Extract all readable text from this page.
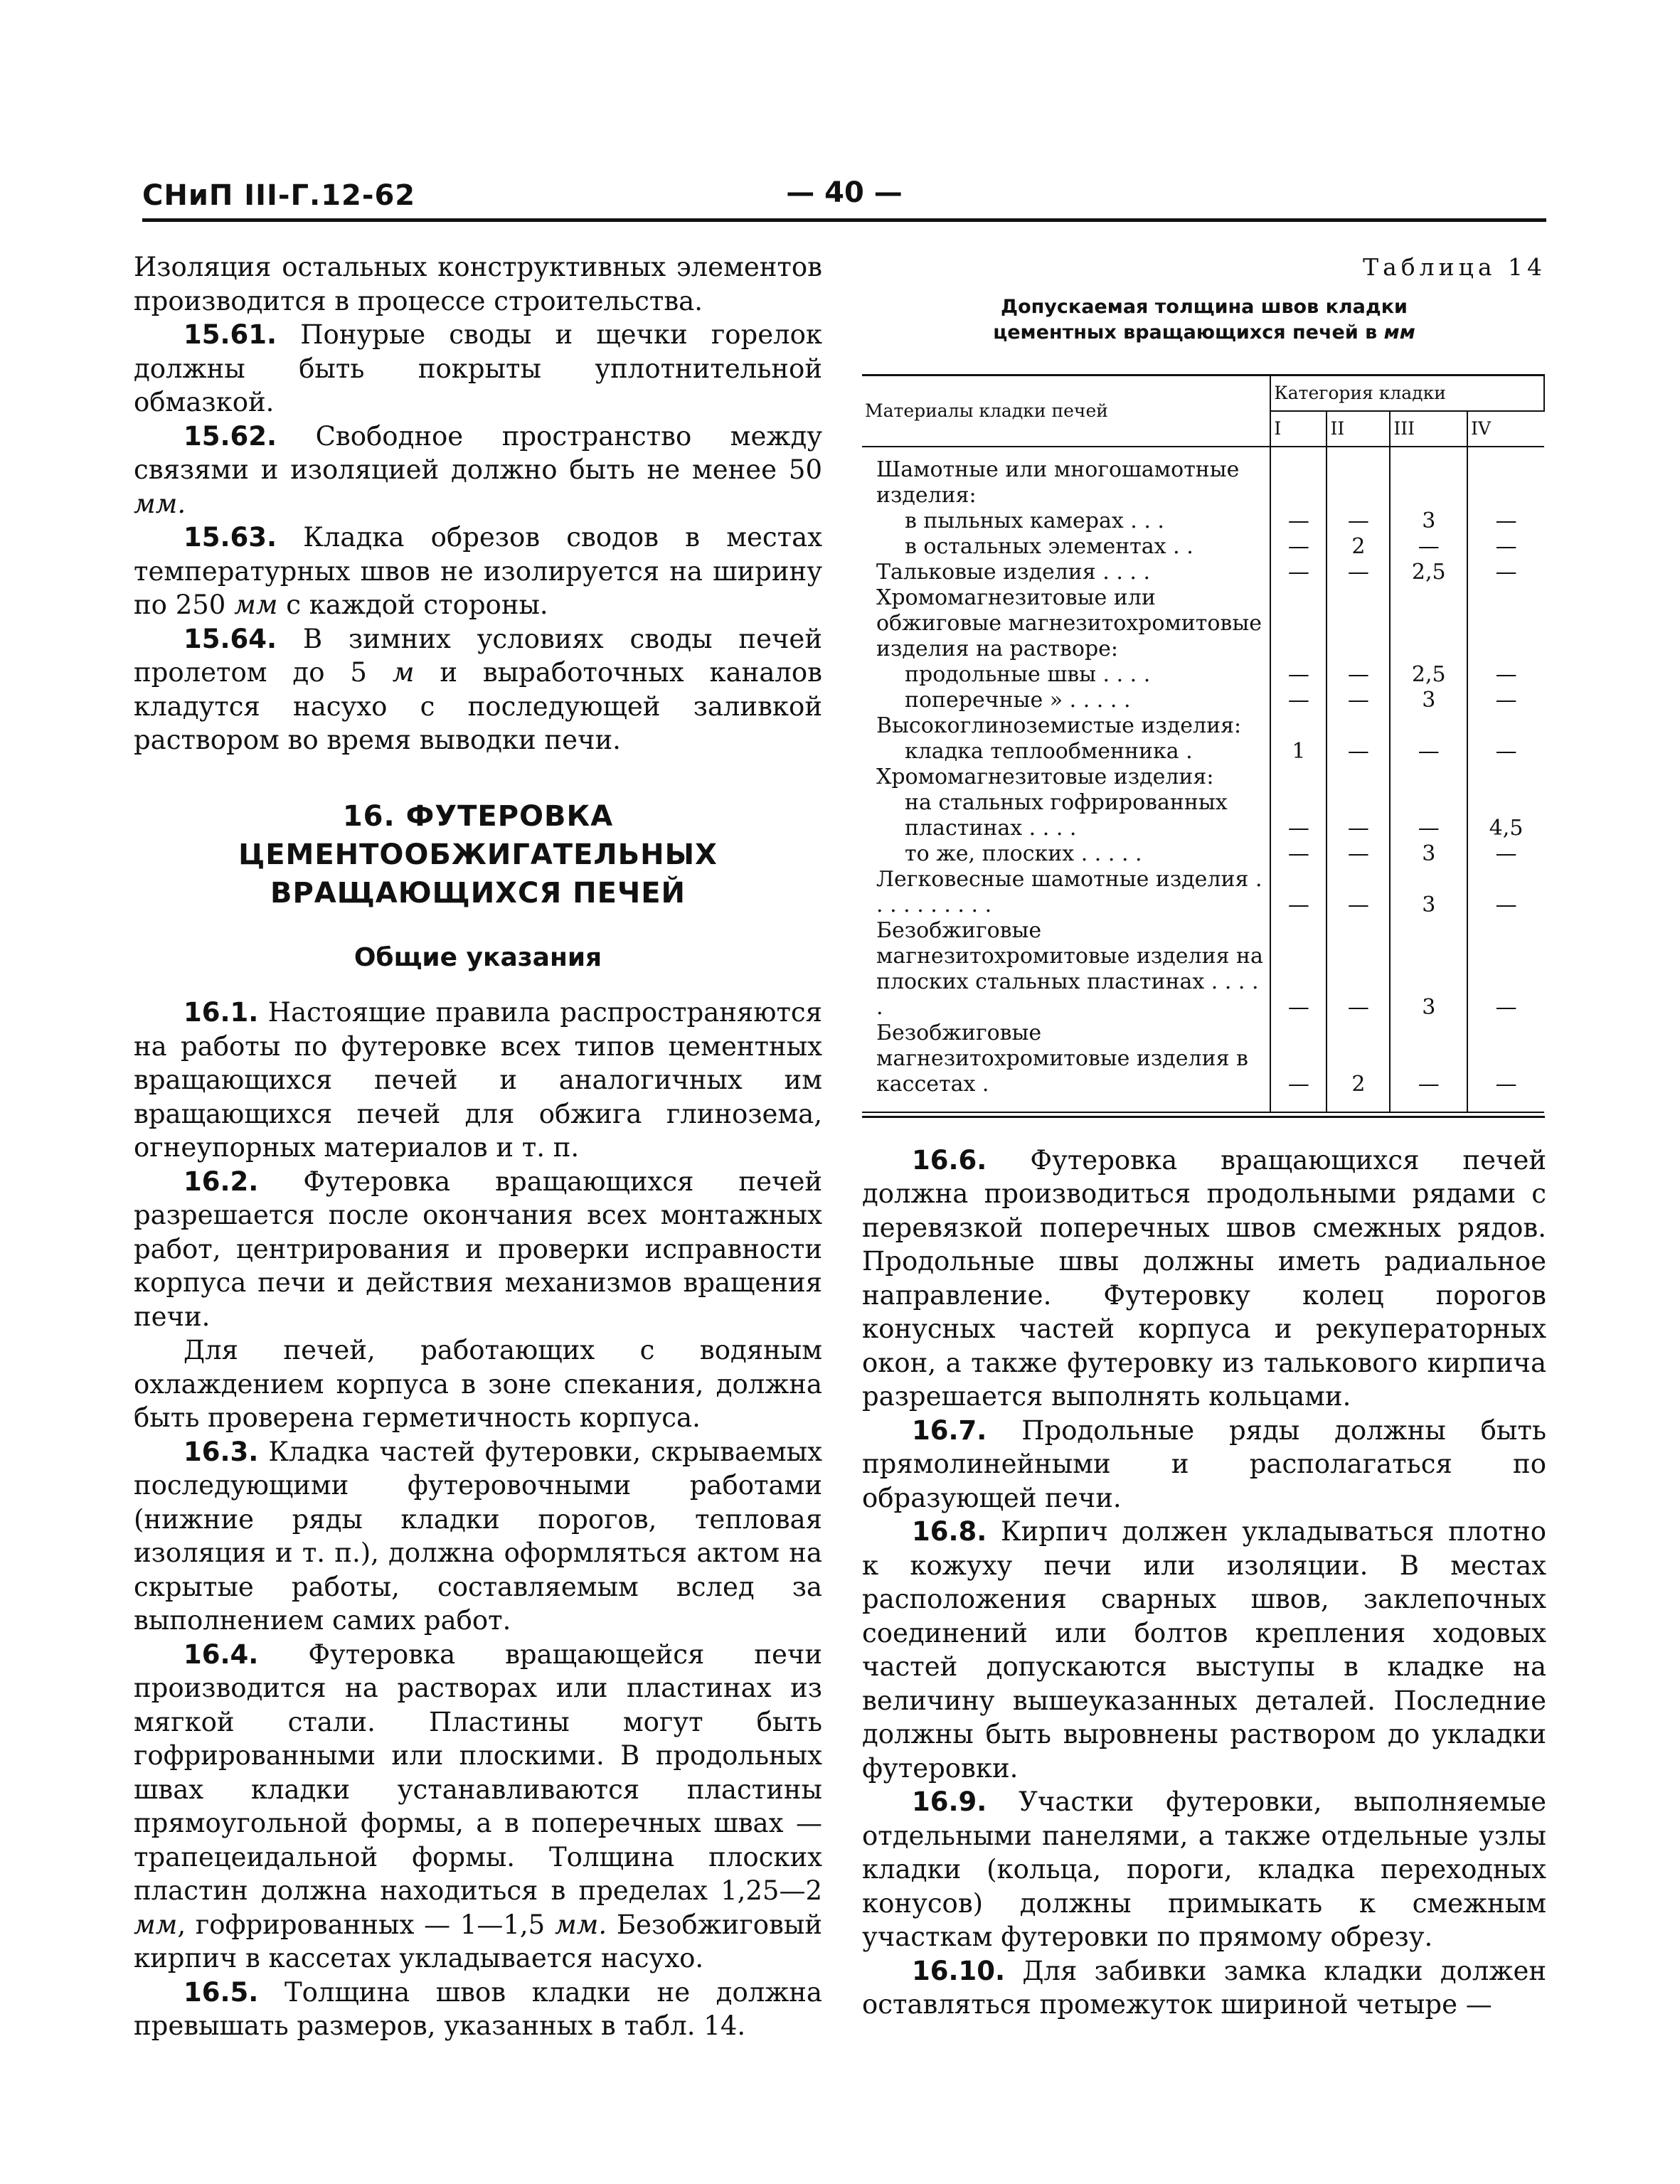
СНиП III-Г.12-62	— 40 —

Изоляция остальных конструктивных элементов производится в процессе строительства.

15.61. Понурые своды и щечки горелок должны быть покрыты уплотнительной обмазкой.

15.62. Свободное пространство между связями и изоляцией должно быть не менее 50 мм.

15.63. Кладка обрезов сводов в местах температурных швов не изолируется на ширину по 250 мм с каждой стороны.

15.64. В зимних условиях своды печей пролетом до 5 м и выработочных каналов кладутся насухо с последующей заливкой раствором во время выводки печи.

16. ФУТЕРОВКА
ЦЕМЕНТООБЖИГАТЕЛЬНЫХ
ВРАЩАЮЩИХСЯ ПЕЧЕЙ
Общие указания

16.1. Настоящие правила распространяются на работы по футеровке всех типов цементных вращающихся печей и аналогичных им вращающихся печей для обжига глинозема, огнеупорных материалов и т. п.

16.2. Футеровка вращающихся печей разрешается после окончания всех монтажных работ, центрирования и проверки исправности корпуса печи и действия механизмов вращения печи.

Для печей, работающих с водяным охлаждением корпуса в зоне спекания, должна быть проверена герметичность корпуса.

16.3. Кладка частей футеровки, скрываемых последующими футеровочными работами (нижние ряды кладки порогов, тепловая изоляция и т. п.), должна оформляться актом на скрытые работы, составляемым вслед за выполнением самих работ.

16.4. Футеровка вращающейся печи производится на растворах или пластинах из мягкой стали. Пластины могут быть гофрированными или плоскими. В продольных швах кладки устанавливаются пластины прямоугольной формы, а в поперечных швах — трапецеидальной формы. Толщина плоских пластин должна находиться в пределах 1,25—2 мм, гофрированных — 1—1,5 мм. Безобжиговый кирпич в кассетах укладывается насухо.

16.5. Толщина швов кладки не должна превышать размеров, указанных в табл. 14.

Таблица 14
Допускаемая толщина швов кладки
цементных вращающихся печей в мм
Материалы кладки печей	Категория кладки			
	I	II	III	IV
Шамотные или многошамотные изделия:
в пыльных камерах . . .	—	—	3	—
в остальных элементах . .	—	2	—	—
Тальковые изделия . . . .	—	—	2,5	—
Хромомагнезитовые или обжиговые магнезитохромитовые изделия на растворе:
продольные швы . . . .	—	—	2,5	—
поперечные » . . . . .	—	—	3	—
Высокоглиноземистые изделия:
кладка теплообменника .	1	—	—	—
Хромомагнезитовые изделия:
на стальных гофрированных пластинах . . . .	—	—	—	4,5
то же, плоских . . . . .	—	—	3	—
Легковесные шамотные изделия . . . . . . . . . .	—	—	3	—
Безобжиговые магнезитохромитовые изделия на плоских стальных пластинах . . . . .	—	—	3	—
Безобжиговые магнезитохромитовые изделия в кассетах .	—	2	—	—

16.6. Футеровка вращающихся печей должна производиться продольными рядами с перевязкой поперечных швов смежных рядов. Продольные швы должны иметь радиальное направление. Футеровку колец порогов конусных частей корпуса и рекуператорных окон, а также футеровку из талькового кирпича разрешается выполнять кольцами.

16.7. Продольные ряды должны быть прямолинейными и располагаться по образующей печи.

16.8. Кирпич должен укладываться плотно к кожуху печи или изоляции. В местах расположения сварных швов, заклепочных соединений или болтов крепления ходовых частей допускаются выступы в кладке на величину вышеуказанных деталей. Последние должны быть выровнены раствором до укладки футеровки.

16.9. Участки футеровки, выполняемые отдельными панелями, а также отдельные узлы кладки (кольца, пороги, кладка переходных конусов) должны примыкать к смежным участкам футеровки по прямому обрезу.

16.10. Для забивки замка кладки должен оставляться промежуток шириной четыре —
